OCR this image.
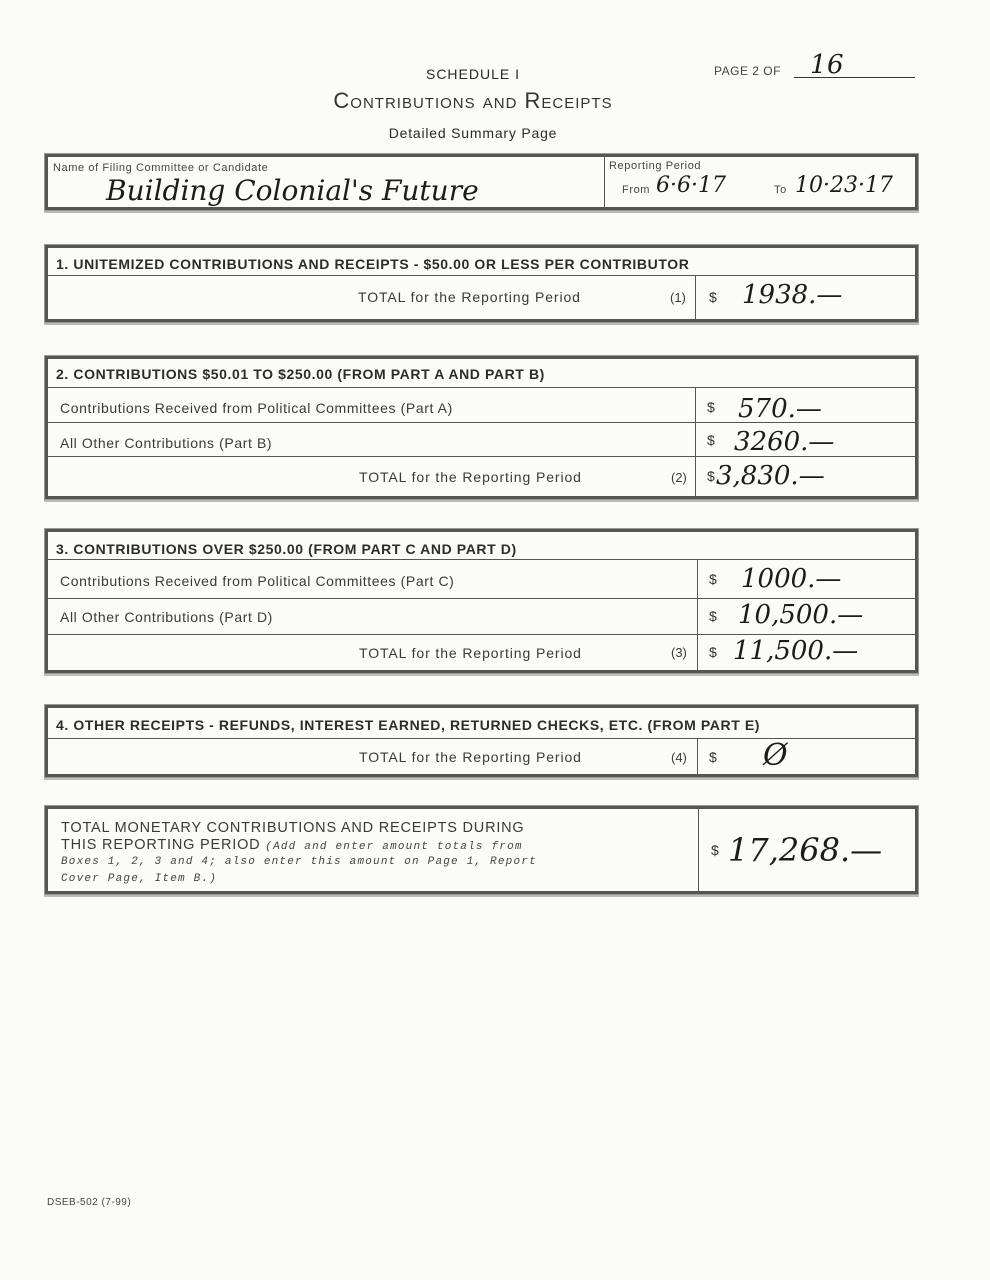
SCHEDULE I	PAGE 2 OF 16
Contributions and Receipts
Detailed Summary Page
Name of Filing Committee or Candidate
Building Colonial's Future
Reporting Period
From 6·6·17	To 10·23·17
1. UNITEMIZED CONTRIBUTIONS AND RECEIPTS - $50.00 OR LESS PER CONTRIBUTOR
TOTAL for the Reporting Period	(1) $ 1938.—
2. CONTRIBUTIONS $50.01 TO $250.00 (FROM PART A AND PART B)
Contributions Received from Political Committees (Part A)	$ 570.—
All Other Contributions (Part B)	$ 3260.—
TOTAL for the Reporting Period	(2) $ 3,830.—
3. CONTRIBUTIONS OVER $250.00 (FROM PART C AND PART D)
Contributions Received from Political Committees (Part C)	$ 1000.—
All Other Contributions (Part D)	$ 10,500.—
TOTAL for the Reporting Period	(3) $ 11,500.—
4. OTHER RECEIPTS - REFUNDS, INTEREST EARNED, RETURNED CHECKS, ETC. (FROM PART E)
TOTAL for the Reporting Period	(4) $ Ø
TOTAL MONETARY CONTRIBUTIONS AND RECEIPTS DURING
THIS REPORTING PERIOD (Add and enter amount totals from
Boxes 1, 2, 3 and 4; also enter this amount on Page 1, Report
Cover Page, Item B.)
$ 17,268.—
DSEB-502 (7-99)
